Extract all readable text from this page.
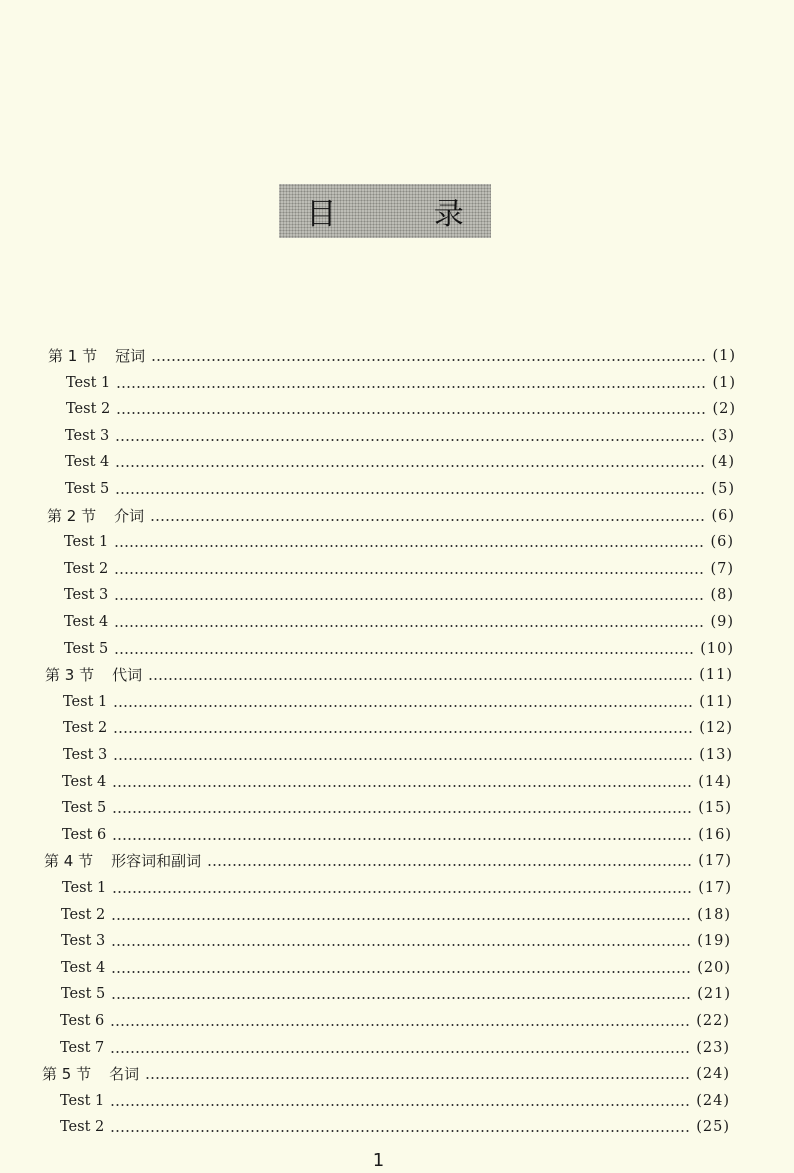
目 录
第 1 节 冠词	(1)
Test 1	(1)
Test 2	(2)
Test 3	(3)
Test 4	(4)
Test 5	(5)
第 2 节 介词	(6)
Test 1	(6)
Test 2	(7)
Test 3	(8)
Test 4	(9)
Test 5	(10)
第 3 节 代词	(11)
Test 1	(11)
Test 2	(12)
Test 3	(13)
Test 4	(14)
Test 5	(15)
Test 6	(16)
第 4 节 形容词和副词	(17)
Test 1	(17)
Test 2	(18)
Test 3	(19)
Test 4	(20)
Test 5	(21)
Test 6	(22)
Test 7	(23)
第 5 节 名词	(24)
Test 1	(24)
Test 2	(25)
1
